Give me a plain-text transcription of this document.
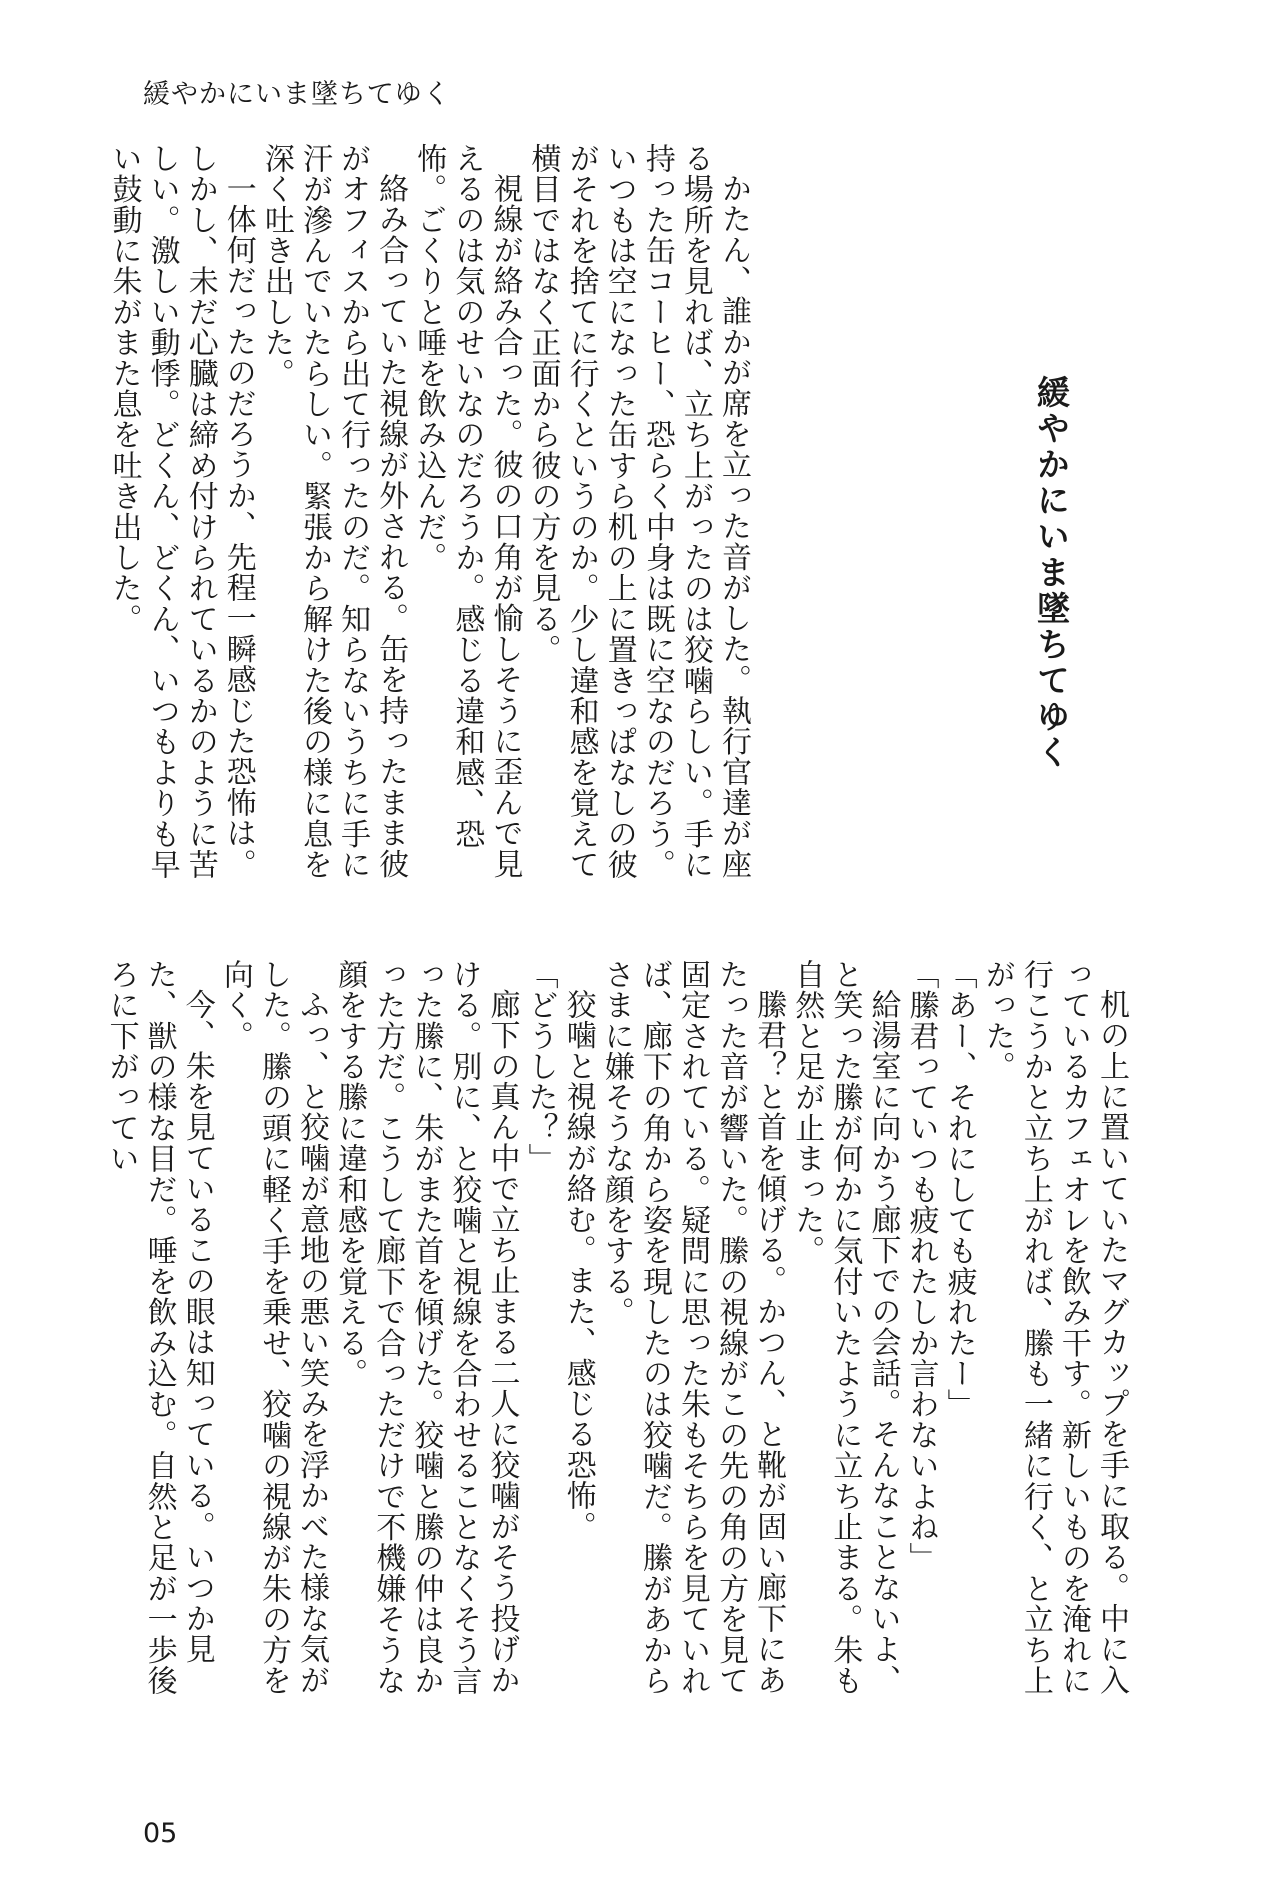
緩やかにいま墜ちてゆく

かたん、誰かが席を立った音がした。執行官達が座る場所を見れば、立ち上がったのは狡噛らしい。手に持った缶コーヒー、恐らく中身は既に空なのだろう。いつもは空になった缶すら机の上に置きっぱなしの彼がそれを捨てに行くというのか。少し違和感を覚えて横目ではなく正面から彼の方を見る。

視線が絡み合った。彼の口角が愉しそうに歪んで見えるのは気のせいなのだろうか。感じる違和感、恐怖。ごくりと唾を飲み込んだ。

絡み合っていた視線が外される。缶を持ったまま彼がオフィスから出て行ったのだ。知らないうちに手に汗が滲んでいたらしい。緊張から解けた後の様に息を深く吐き出した。

一体何だったのだろうか、先程一瞬感じた恐怖は。しかし、未だ心臓は締め付けられているかのように苦しい。激しい動悸。どくん、どくん、いつもよりも早い鼓動に朱がまた息を吐き出した。	緩やかにいま墜ちてゆく

机の上に置いていたマグカップを手に取る。中に入っているカフェオレを飲み干す。新しいものを淹れに行こうかと立ち上がれば、縢も一緒に行く、と立ち上がった。

「あー、それにしても疲れたー」

「縢君っていつも疲れたしか言わないよね」

給湯室に向かう廊下での会話。そんなことないよ、と笑った縢が何かに気付いたように立ち止まる。朱も自然と足が止まった。

縢君？と首を傾げる。かつん、と靴が固い廊下にあたった音が響いた。縢の視線がこの先の角の方を見て固定されている。疑問に思った朱もそちらを見ていれば、廊下の角から姿を現したのは狡噛だ。縢があからさまに嫌そうな顔をする。

狡噛と視線が絡む。また、感じる恐怖。

「どうした？」

廊下の真ん中で立ち止まる二人に狡噛がそう投げかける。別に、と狡噛と視線を合わせることなくそう言った縢に、朱がまた首を傾げた。狡噛と縢の仲は良かった方だ。こうして廊下で合っただけで不機嫌そうな顔をする縢に違和感を覚える。

ふっ、と狡噛が意地の悪い笑みを浮かべた様な気がした。縢の頭に軽く手を乗せ、狡噛の視線が朱の方を向く。

今、朱を見ているこの眼は知っている。いつか見た、獣の様な目だ。唾を飲み込む。自然と足が一歩後ろに下がってい

05
